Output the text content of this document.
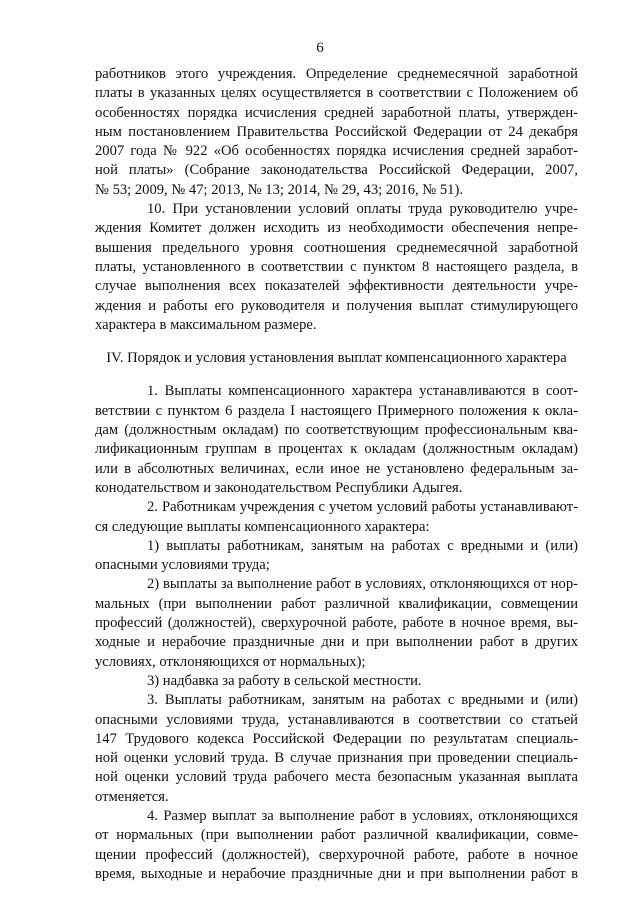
6
работников этого учреждения. Определение среднемесячной заработной
платы в указанных целях осуществляется в соответствии с Положением об
особенностях порядка исчисления средней заработной платы, утвержден-
ным постановлением Правительства Российской Федерации от 24 декабря
2007 года № 922 «Об особенностях порядка исчисления средней заработ-
ной платы» (Собрание законодательства Российской Федерации, 2007,
№ 53; 2009, № 47; 2013, № 13; 2014, № 29, 43; 2016, № 51).
10. При установлении условий оплаты труда руководителю учре-
ждения Комитет должен исходить из необходимости обеспечения непре-
вышения предельного уровня соотношения среднемесячной заработной
платы, установленного в соответствии с пунктом 8 настоящего раздела, в
случае выполнения всех показателей эффективности деятельности учре-
ждения и работы его руководителя и получения выплат стимулирующего
характера в максимальном размере.
IV. Порядок и условия установления выплат компенсационного характера
1. Выплаты компенсационного характера устанавливаются в соот-
ветствии с пунктом 6 раздела I настоящего Примерного положения к окла-
дам (должностным окладам) по соответствующим профессиональным ква-
лификационным группам в процентах к окладам (должностным окладам)
или в абсолютных величинах, если иное не установлено федеральным за-
конодательством и законодательством Республики Адыгея.
2. Работникам учреждения с учетом условий работы устанавливают-
ся следующие выплаты компенсационного характера:
1) выплаты работникам, занятым на работах с вредными и (или)
опасными условиями труда;
2) выплаты за выполнение работ в условиях, отклоняющихся от нор-
мальных (при выполнении работ различной квалификации, совмещении
профессий (должностей), сверхурочной работе, работе в ночное время, вы-
ходные и нерабочие праздничные дни и при выполнении работ в других
условиях, отклоняющихся от нормальных);
3) надбавка за работу в сельской местности.
3. Выплаты работникам, занятым на работах с вредными и (или)
опасными условиями труда, устанавливаются в соответствии со статьей
147 Трудового кодекса Российской Федерации по результатам специаль-
ной оценки условий труда. В случае признания при проведении специаль-
ной оценки условий труда рабочего места безопасным указанная выплата
отменяется.
4. Размер выплат за выполнение работ в условиях, отклоняющихся
от нормальных (при выполнении работ различной квалификации, совме-
щении профессий (должностей), сверхурочной работе, работе в ночное
время, выходные и нерабочие праздничные дни и при выполнении работ в
